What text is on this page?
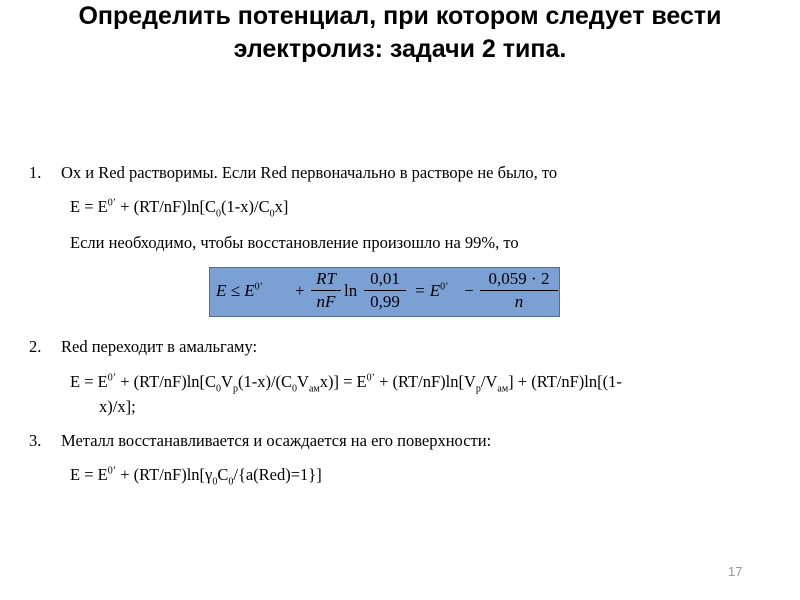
Определить потенциал, при котором следует вести
электролиз: задачи 2 типа.
1. Ox и Red растворимы. Если Red первоначально в растворе не было, то
$E = E^{0’} + (RT/nF)\ln[C_0(1-x)/C_0x]$
Если необходимо, чтобы восстановление произошло на 99%, то
$E \le E^{0’}$ +
RT
nF
ln
0,01
0,99
= $E^{0’}$ −
0,059 · 2
n
2. Red переходит в амальгаму:
$E = E^{0’} + (RT/nF)\ln[C_0V_р(1-x)/(C_0V_{ам}x)] = E^{0’} + (RT/nF)\ln[V_р/V_{ам}] + (RT/nF)\ln[(1-$
x)/x];
3. Металл восстанавливается и осаждается на его поверхности:
$E = E^{0’} + (RT/nF)\ln[\gamma_0C_0/\{a(Red)=1\}]$
17
